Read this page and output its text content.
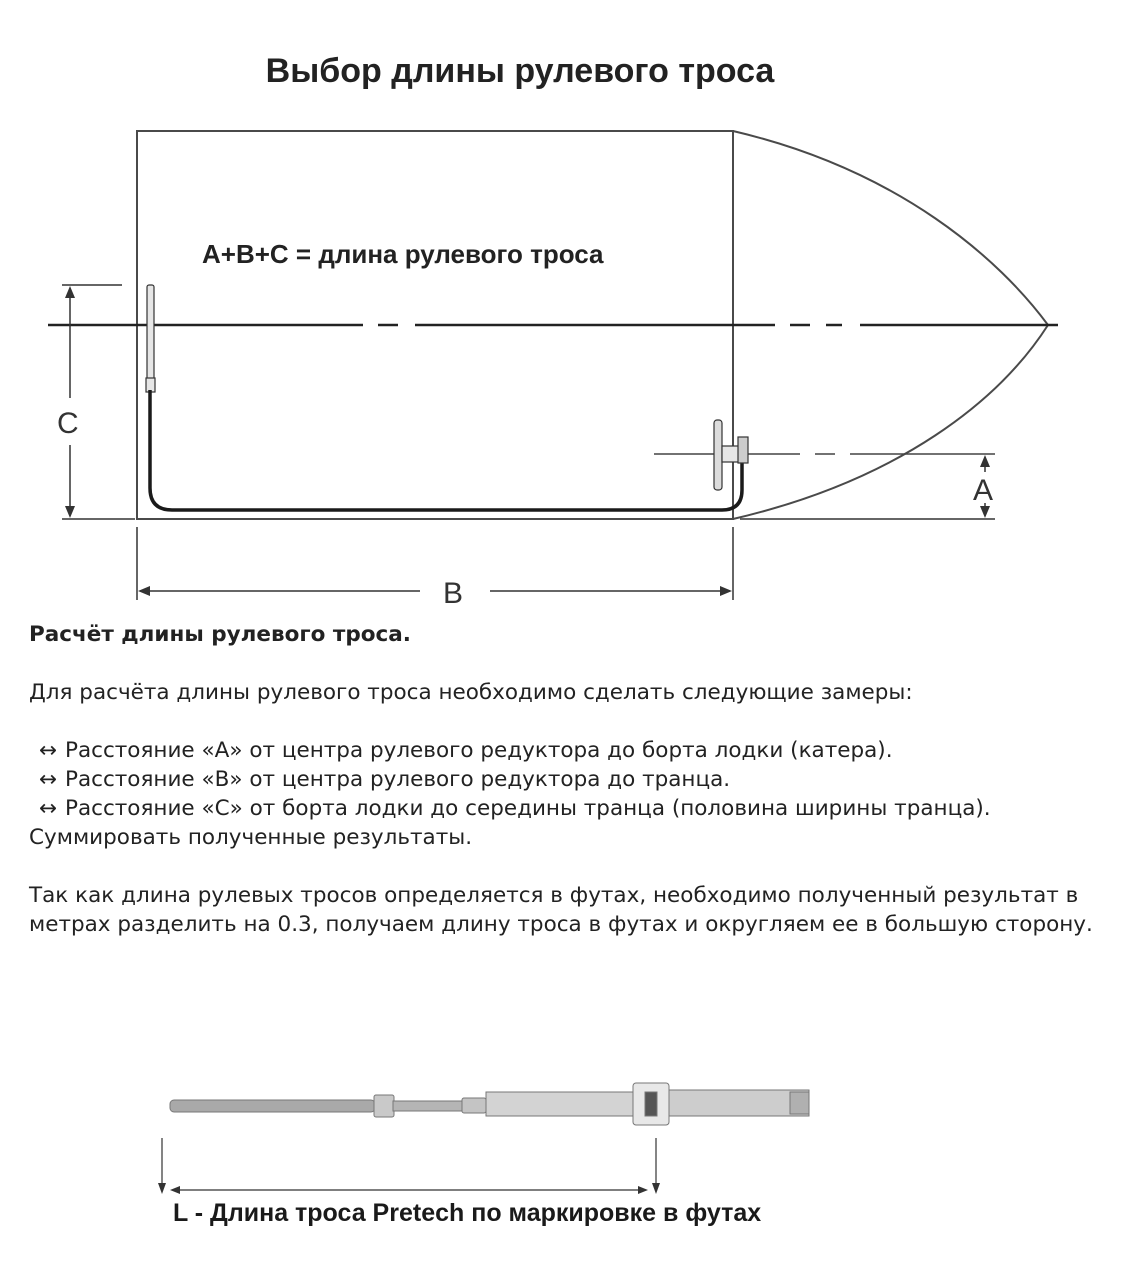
Выбор длины рулевого троса
A+B+C = длина рулевого троса
C
A
B
L - Длина троса Pretech по маркировке в футах

Расчёт длины рулевого троса.

Для расчёта длины рулевого троса необходимо сделать следующие замеры:

↔ Расстояние «А» от центра рулевого редуктора до борта лодки (катера).

↔ Расстояние «В» от центра рулевого редуктора до транца.

↔ Расстояние «С» от борта лодки до середины транца (половина ширины транца).

Суммировать полученные результаты.

Так как длина рулевых тросов определяется в футах, необходимо полученный результат в метрах разделить на 0.3, получаем длину троса в футах и округляем ее в большую сторону.
